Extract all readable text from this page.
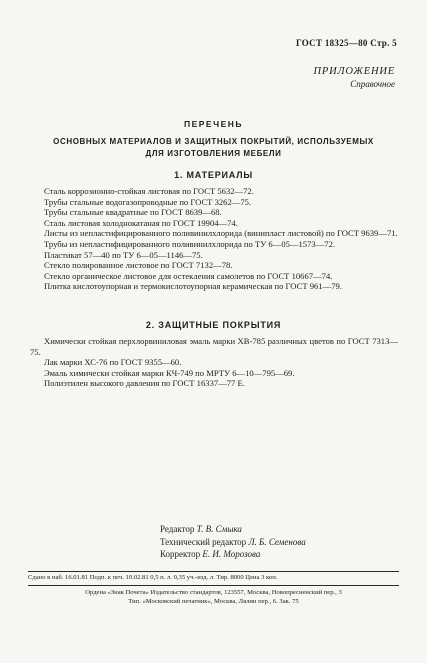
ГОСТ 18325—80 Стр. 5
ПРИЛОЖЕНИЕ
Справочное
ПЕРЕЧЕНЬ
ОСНОВНЫХ МАТЕРИАЛОВ И ЗАЩИТНЫХ ПОКРЫТИЙ, ИСПОЛЬЗУЕМЫХ
ДЛЯ ИЗГОТОВЛЕНИЯ МЕБЕЛИ
1. МАТЕРИАЛЫ
Сталь коррозионно-стойкая листовая по ГОСТ 5632—72.
Трубы стальные водогазопроводные по ГОСТ 3262—75.
Трубы стальные квадратные по ГОСТ 8639—68.
Сталь листовая холоднокатаная по ГОСТ 19904—74.
Листы из непластифицированного поливинилхлорида (винипласт листовой) по ГОСТ 9639—71.
Трубы из непластифицированного поливинилхлорида по ТУ 6—05—1573—72.
Пластикат 57—40 по ТУ 6—05—1146—75.
Стекло полированное листовое по ГОСТ 7132—78.
Стекло органическое листовое для остекления самолетов по ГОСТ 10667—74.
Плитка кислотоупорная и термокислотоупорная керамическая по ГОСТ 961—79.
2. ЗАЩИТНЫЕ ПОКРЫТИЯ
Химически стойкая перхлорвиниловая эмаль марки ХВ-785 различных цветов по ГОСТ 7313—75.
Лак марки ХС-76 по ГОСТ 9355—60.
Эмаль химически стойкая марки КЧ-749 по МРТУ 6—10—795—69.
Полиэтилен высокого давления по ГОСТ 16337—77 Е.
Редактор Т. В. Смыка
Технический редактор Л. Б. Семенова
Корректор Е. И. Морозова
Сдано в наб. 16.01.81 Подп. к печ. 10.02.81 0,5 п. л. 0,35 уч.-изд. л. Тир. 8000 Цена 3 коп.
Ордена «Знак Почета» Издательство стандартов, 123557, Москва, Новопресненский пер., 3
Тип. «Московский печатник», Москва, Лялин пер., 6. Зак. 75
